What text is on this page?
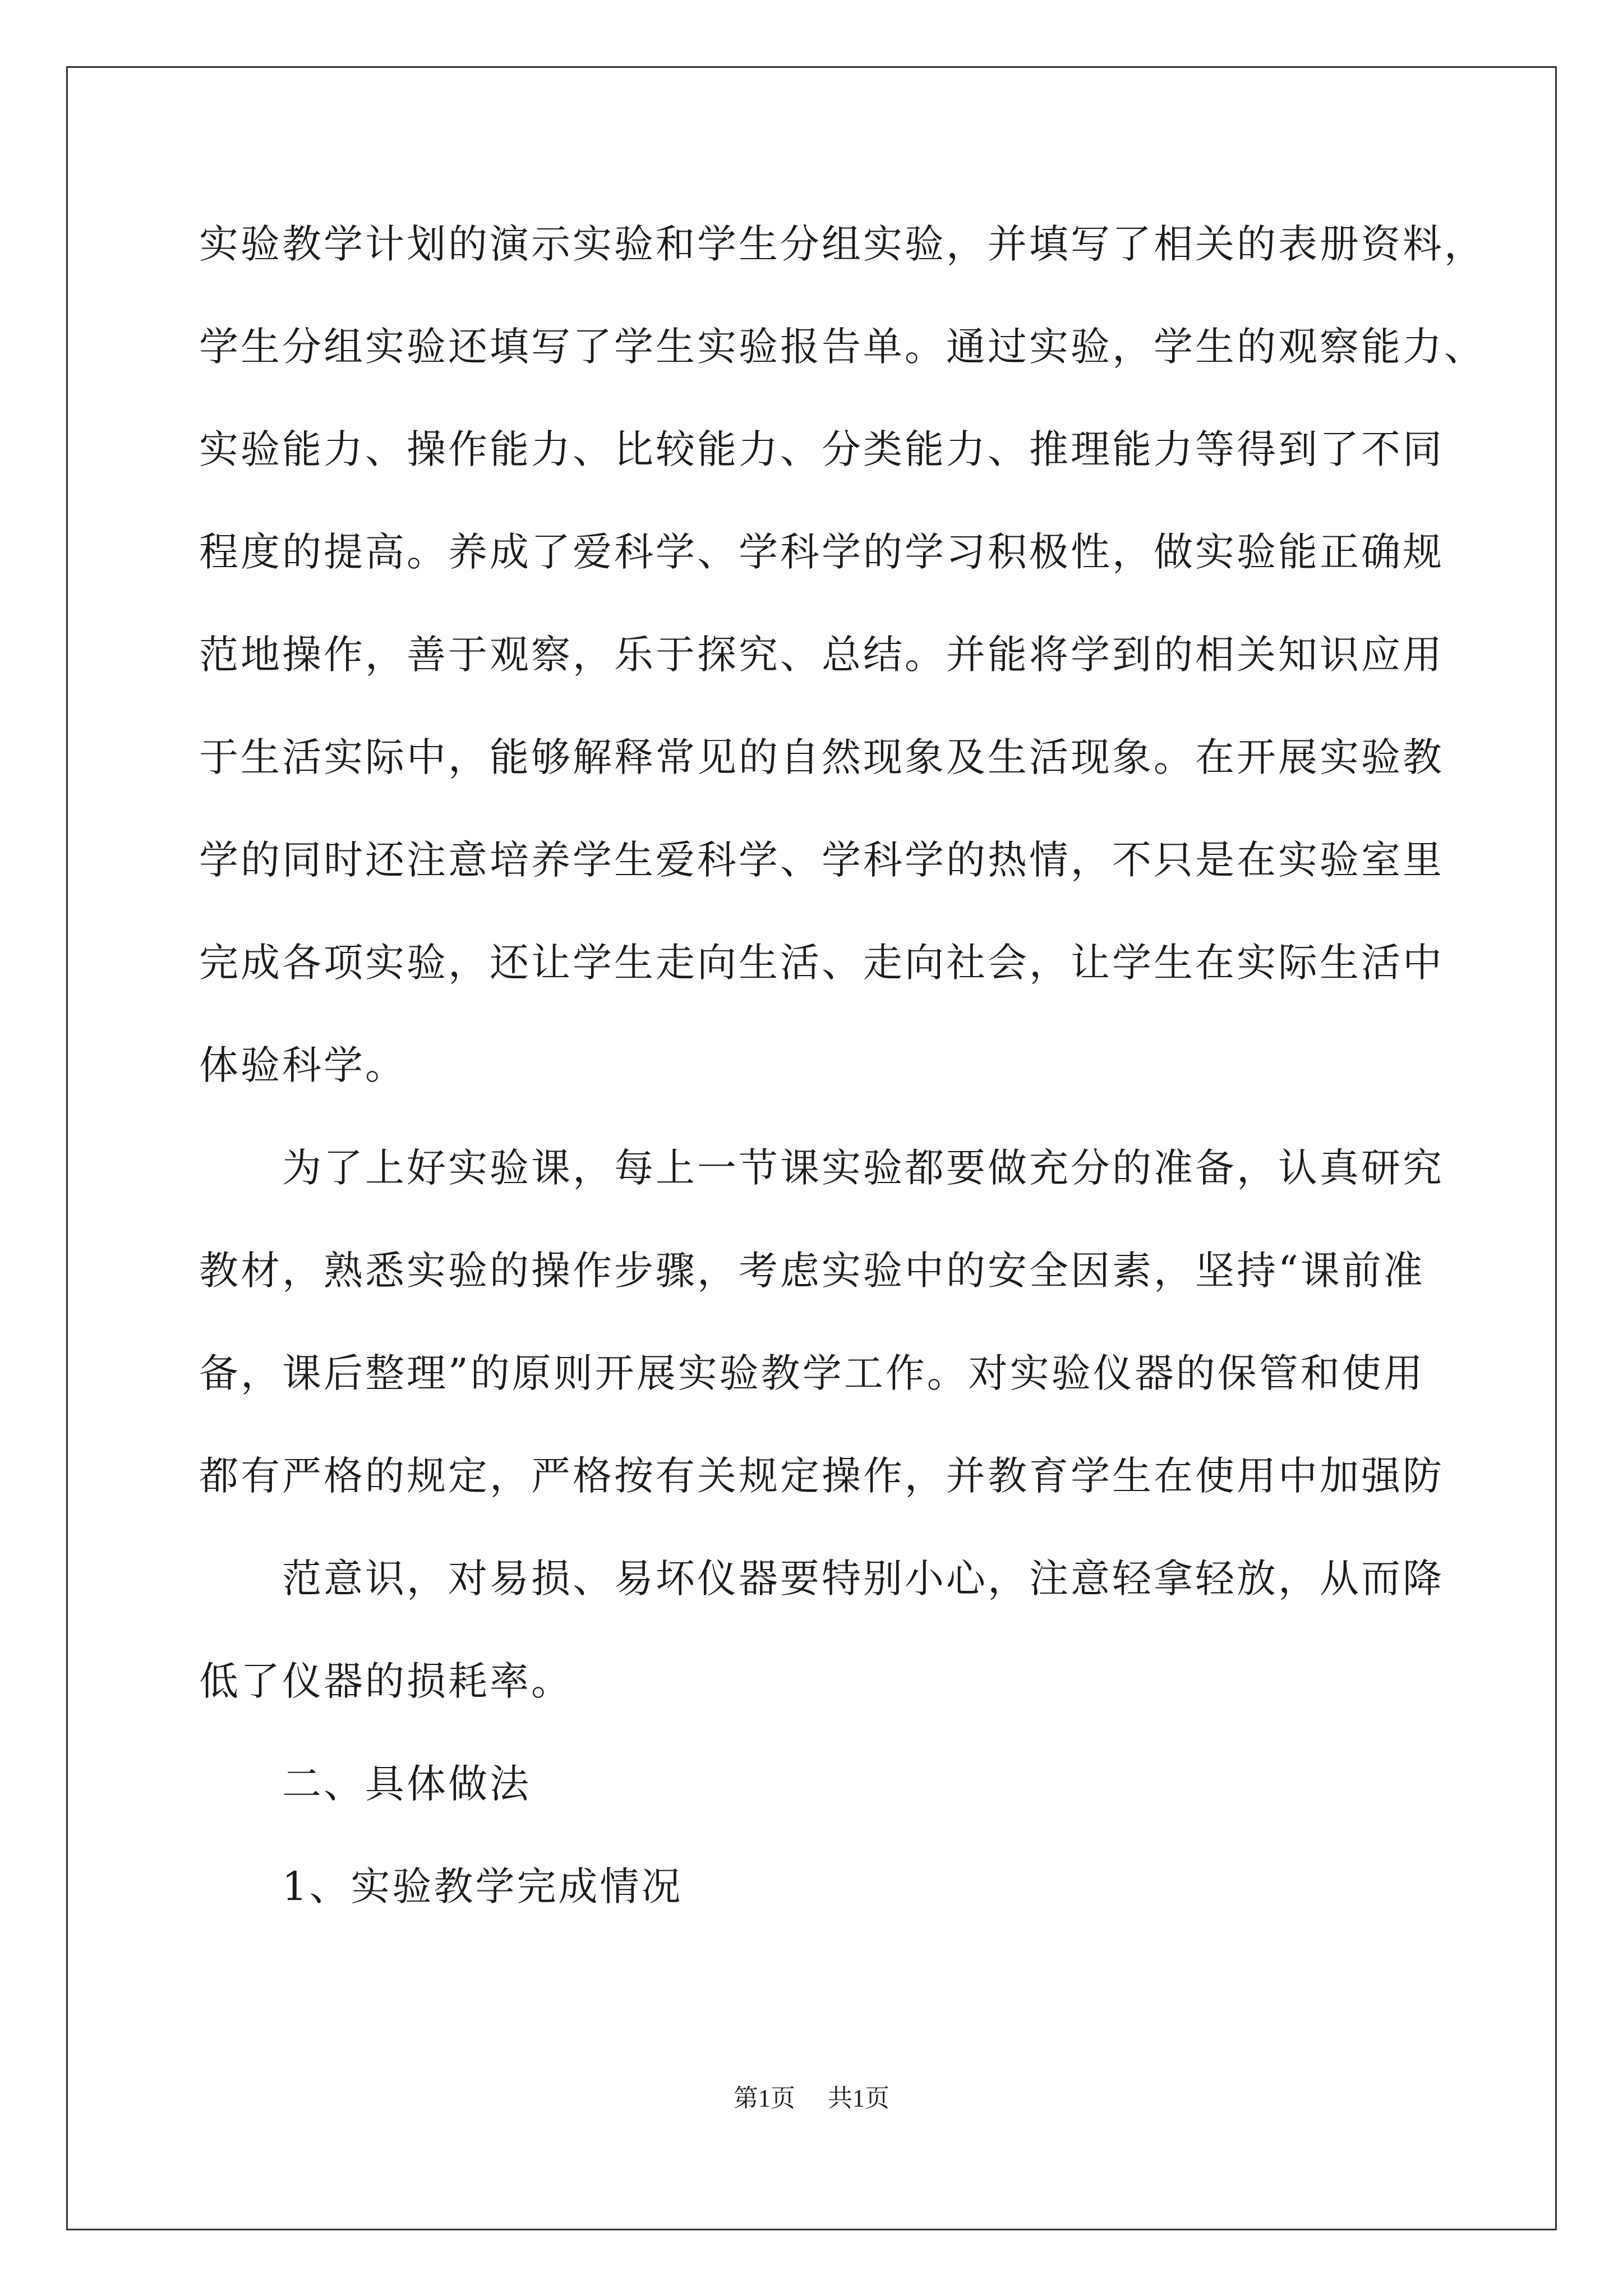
实验教学计划的演示实验和学生分组实验，并填写了相关的表册资料，
学生分组实验还填写了学生实验报告单。通过实验，学生的观察能力、
实验能力、操作能力、比较能力、分类能力、推理能力等得到了不同
程度的提高。养成了爱科学、学科学的学习积极性，做实验能正确规
范地操作，善于观察，乐于探究、总结。并能将学到的相关知识应用
于生活实际中，能够解释常见的自然现象及生活现象。在开展实验教
学的同时还注意培养学生爱科学、学科学的热情，不只是在实验室里
完成各项实验，还让学生走向生活、走向社会，让学生在实际生活中
体验科学。
为了上好实验课，每上一节课实验都要做充分的准备，认真研究
教材，熟悉实验的操作步骤，考虑实验中的安全因素，坚持“课前准
备，课后整理”的原则开展实验教学工作。对实验仪器的保管和使用
都有严格的规定，严格按有关规定操作，并教育学生在使用中加强防
范意识，对易损、易坏仪器要特别小心，注意轻拿轻放，从而降
低了仪器的损耗率。
二、具体做法
1、实验教学完成情况
第1页 共1页
